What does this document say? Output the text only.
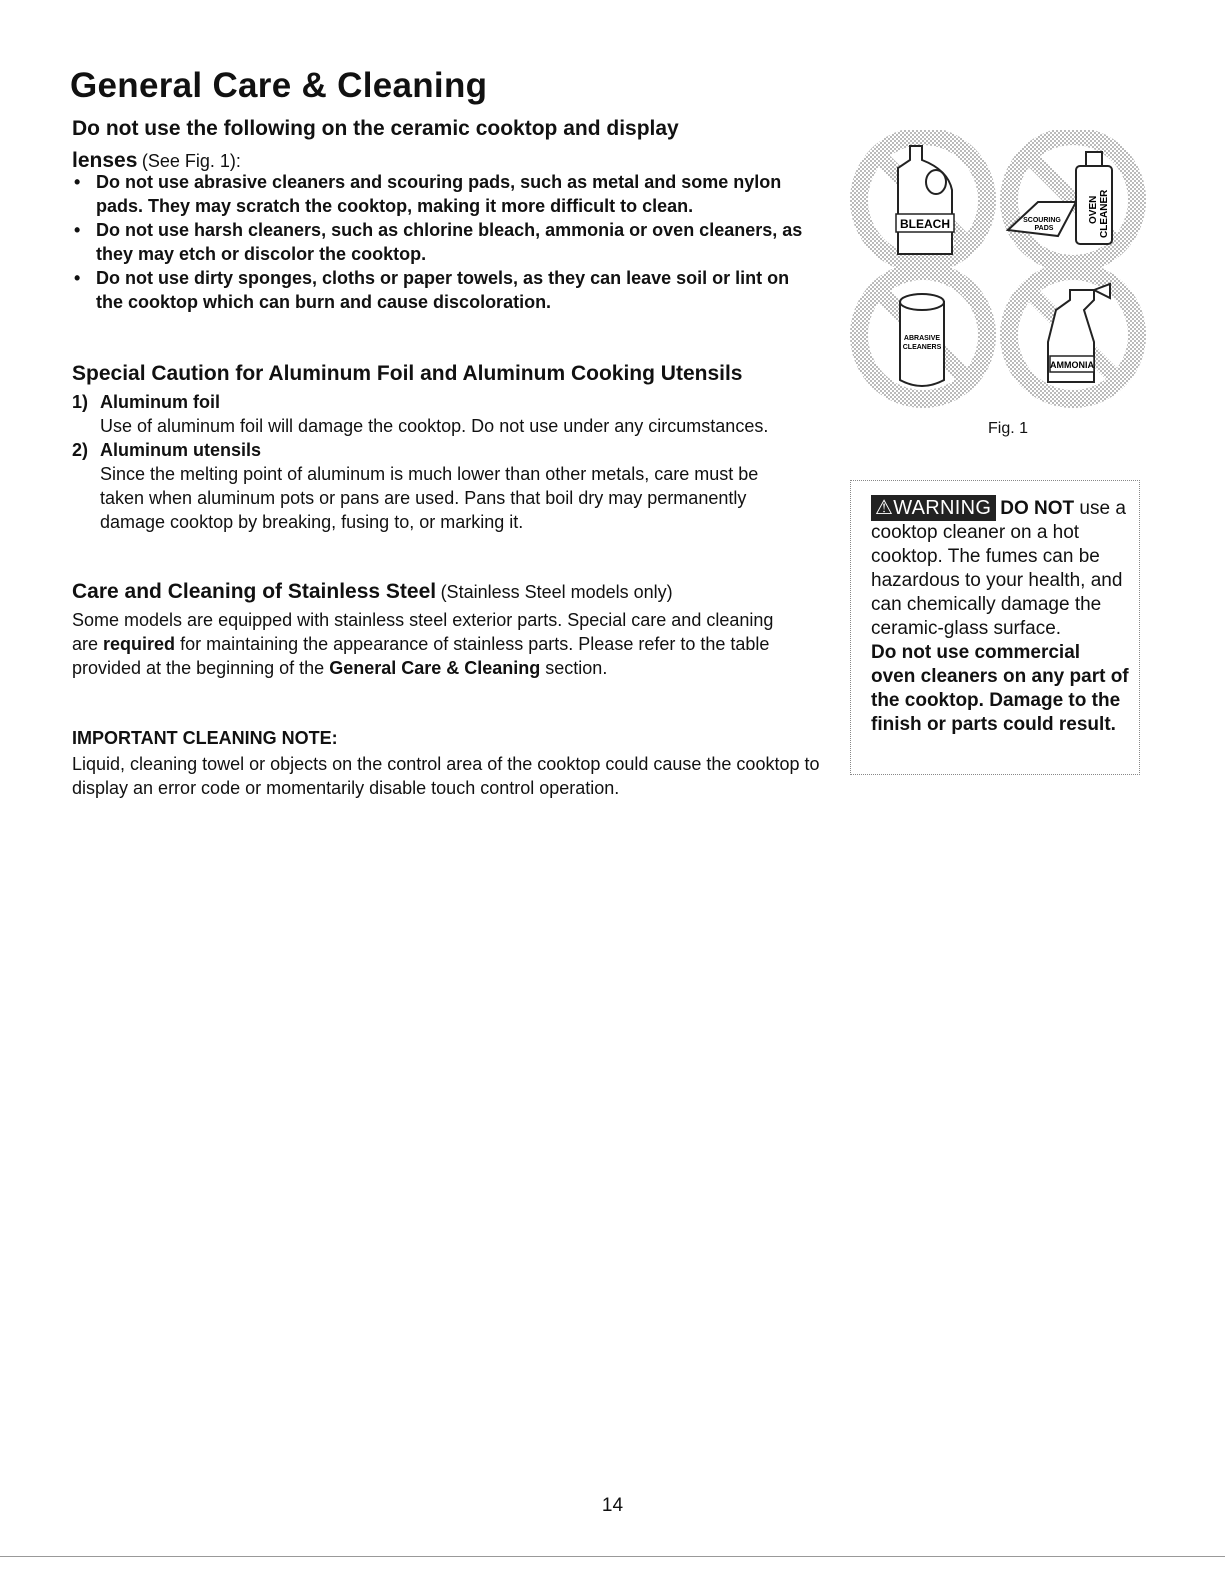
General Care & Cleaning
Do not use the following on the ceramic cooktop and display
lenses (See Fig. 1):
• Do not use abrasive cleaners and scouring pads, such as metal and some nylon pads. They may scratch the cooktop, making it more difficult to clean.
• Do not use harsh cleaners, such as chlorine bleach, ammonia or oven cleaners, as they may etch or discolor the cooktop.
• Do not use dirty sponges, cloths or paper towels, as they can leave soil or lint on the cooktop which can burn and cause discoloration.
Special Caution for Aluminum Foil and Aluminum Cooking Utensils
1) Aluminum foil
Use of aluminum foil will damage the cooktop. Do not use under any circumstances.
2) Aluminum utensils
Since the melting point of aluminum is much lower than other metals, care must be taken when aluminum pots or pans are used. Pans that boil dry may permanently damage cooktop by breaking, fusing to, or marking it.
Care and Cleaning of Stainless Steel (Stainless Steel models only)
Some models are equipped with stainless steel exterior parts. Special care and cleaning are required for maintaining the appearance of stainless parts. Please refer to the table provided at the beginning of the General Care & Cleaning section.
IMPORTANT CLEANING NOTE:
Liquid, cleaning towel or objects on the control area of the cooktop could cause the cooktop to display an error code or momentarily disable touch control operation.
BLEACH	SCOURING
PADS
OVEN CLEANER
ABRASIVE
CLEANERS
AMMONIA
Fig. 1
⚠WARNING DO NOT use a cooktop cleaner on a hot cooktop. The fumes can be hazardous to your health, and can chemically damage the ceramic-glass surface.
Do not use commercial oven cleaners on any part of the cooktop. Damage to the finish or parts could result.
14
